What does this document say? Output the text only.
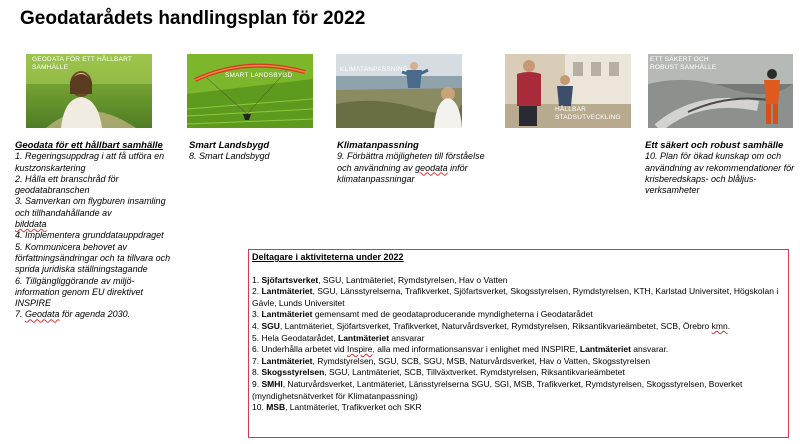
Geodatarådets handlingsplan för 2022
GEODATA FÖR ETT HÅLLBART SAMHÄLLE
SMART LANDSBYGD
KLIMATANPASSNING
HÅLLBAR STADSUTVECKLING
ETT SÄKERT OCH ROBUST SAMHÄLLE
Geodata för ett hållbart samhälle
1. Regeringsuppdrag i att få utföra en kustzonskartering
2. Hålla ett branschråd för geodatabranschen
3. Samverkan om flygburen insamling och tillhandahållande av
bilddata
4. Implementera grunddatauppdraget
5. Kommunicera behovet av författningsändringar och ta tillvara och sprida juridiska ställningstagande
6. Tillgängliggörande av miljö-information genom EU direktivet INSPIRE
7. Geodata för agenda 2030.
Smart Landsbygd
8. Smart Landsbygd
Klimatanpassning
9. Förbättra möjligheten till förståelse och användning av geodata inför klimatanpassningar
Ett säkert och robust samhälle
10. Plan för ökad kunskap om och användning av rekommendationer för krisberedskaps- och blåljus-verksamheter
Deltagare i aktiviteterna under 2022
1. Sjöfartsverket, SGU, Lantmäteriet, Rymdstyrelsen, Hav o Vatten
2. Lantmäteriet, SGU, Länsstyrelserna, Trafikverket, Sjöfartsverket, Skogsstyrelsen, Rymdstyrelsen, KTH, Karlstad Universitet, Högskolan i Gävle, Lunds Universitet
3. Lantmäteriet gemensamt med de geodataproducerande myndigheterna i Geodatarådet
4. SGU, Lantmäteriet, Sjöfartsverket, Trafikverket, Naturvårdsverket, Rymdstyrelsen, Riksantikvarieämbetet, SCB, Örebro kmn.
5. Hela Geodatarådet, Lantmäteriet ansvarar
6. Underhålla arbetet vid Inspire, alla med informationsansvar i enlighet med INSPIRE, Lantmäteriet ansvarar.
7. Lantmäteriet, Rymdstyrelsen, SGU, SCB, SGU, MSB, Naturvårdsverket, Hav o Vatten, Skogsstyrelsen
8. Skogsstyrelsen, SGU, Lantmäteriet, SCB, Tillväxtverket. Rymdstyrelsen, Riksantikvarieämbetet
9. SMHI, Naturvårdsverket, Lantmäteriet, Länsstyrelserna SGU, SGI, MSB, Trafikverket, Rymdstyrelsen, Skogsstyrelsen, Boverket (myndighetsnätverket för Klimatanpassning)
10. MSB, Lantmäteriet, Trafikverket och SKR
